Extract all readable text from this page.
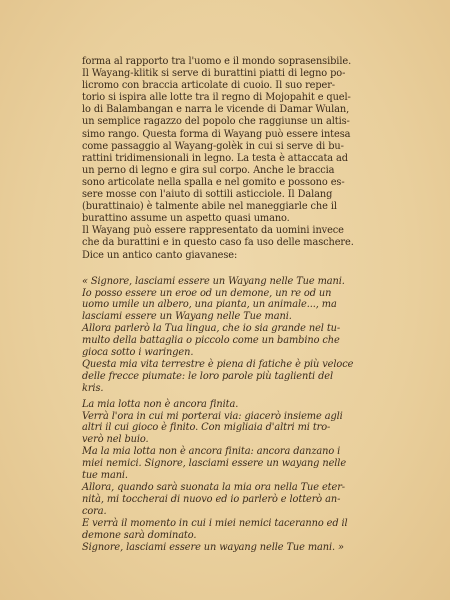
forma al rapporto tra l'uomo e il mondo soprasensibile.
Il Wayang-klitik si serve di burattini piatti di legno po-
licromo con braccia articolate di cuoio. Il suo reper-
torio si ispira alle lotte tra il regno di Mojopahit e quel-
lo di Balambangan e narra le vicende di Damar Wulan,
un semplice ragazzo del popolo che raggiunse un altis-
simo rango. Questa forma di Wayang può essere intesa
come passaggio al Wayang-golèk in cui si serve di bu-
rattini tridimensionali in legno. La testa è attaccata ad
un perno di legno e gira sul corpo. Anche le braccia
sono articolate nella spalla e nel gomito e possono es-
sere mosse con l'aiuto di sottili asticciole. Il Dalang
(burattinaio) è talmente abile nel maneggiarle che il
burattino assume un aspetto quasi umano.
Il Wayang può essere rappresentato da uomini invece
che da burattini e in questo caso fa uso delle maschere.
Dice un antico canto giavanese:

« Signore, lasciami essere un Wayang nelle Tue mani.
Io posso essere un eroe od un demone, un re od un
uomo umile un albero, una pianta, un animale..., ma
lasciami essere un Wayang nelle Tue mani.
Allora parlerò la Tua lingua, che io sia grande nel tu-
multo della battaglia o piccolo come un bambino che
gioca sotto i waringen.
Questa mia vita terrestre è piena di fatiche è più veloce
delle frecce piumate: le loro parole più taglienti del
kris.
La mia lotta non è ancora finita.
Verrà l'ora in cui mi porterai via: giacerò insieme agli
altri il cui gioco è finito. Con migliaia d'altri mi tro-
verò nel buio.
Ma la mia lotta non è ancora finita: ancora danzano i
miei nemici. Signore, lasciami essere un wayang nelle
tue mani.
Allora, quando sarà suonata la mia ora nella Tue eter-
nità, mi toccherai di nuovo ed io parlerò e lotterò an-
cora.
E verrà il momento in cui i miei nemici taceranno ed il
demone sarà dominato.
Signore, lasciami essere un wayang nelle Tue mani. »
